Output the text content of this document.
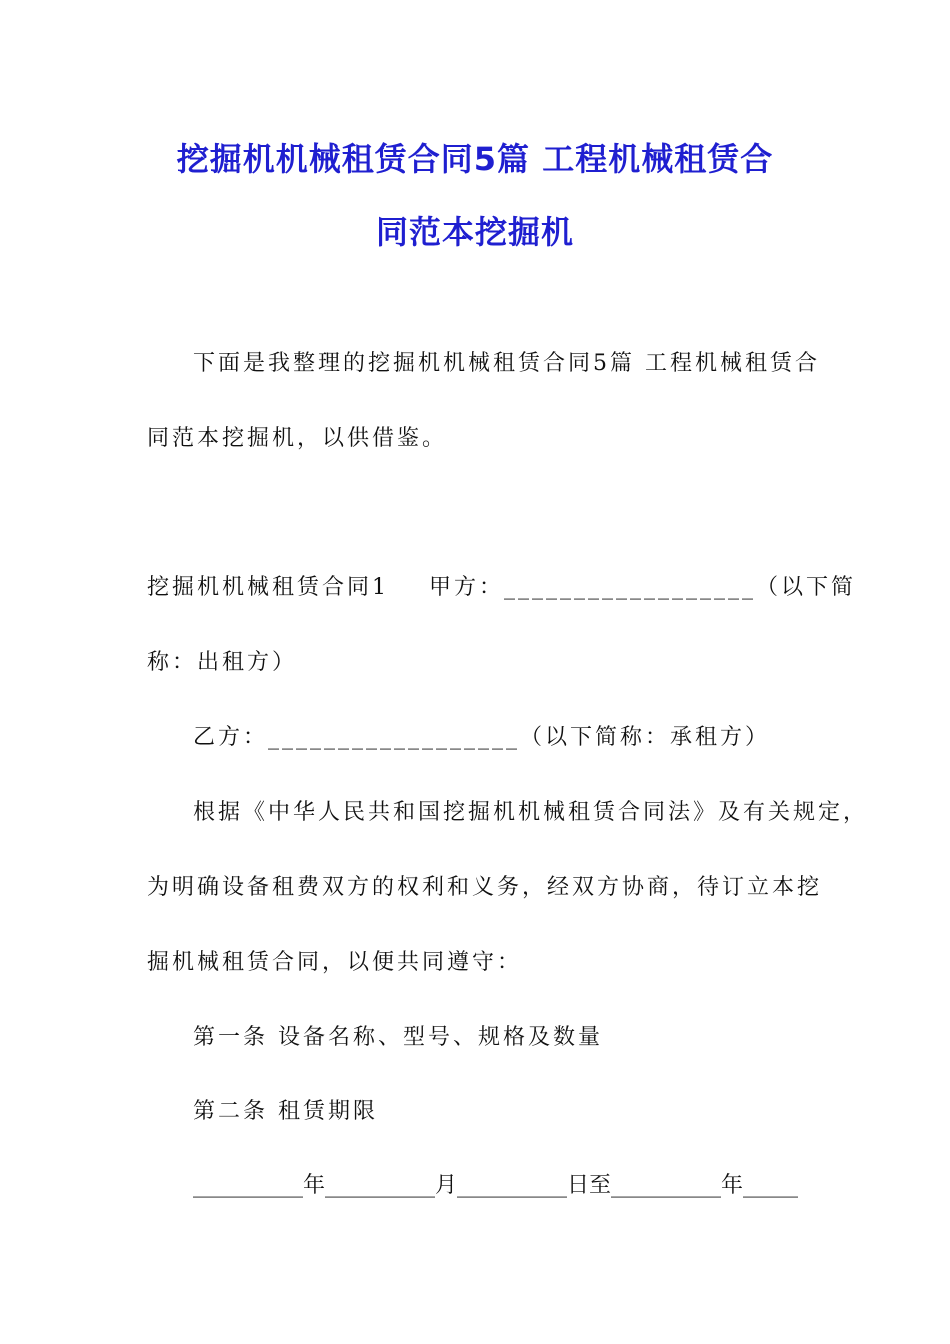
挖掘机机械租赁合同5篇 工程机械租赁合
同范本挖掘机
下面是我整理的挖掘机机械租赁合同5篇 工程机械租赁合
同范本挖掘机，以供借鉴。
挖掘机机械租赁合同1    甲方：__________________（以下简
称：出租方）
乙方：__________________（以下简称：承租方）
根据《中华人民共和国挖掘机机械租赁合同法》及有关规定，
为明确设备租费双方的权利和义务，经双方协商，待订立本挖
掘机械租赁合同，以便共同遵守：
第一条 设备名称、型号、规格及数量
第二条 租赁期限
__________年__________月__________日至__________年_____
